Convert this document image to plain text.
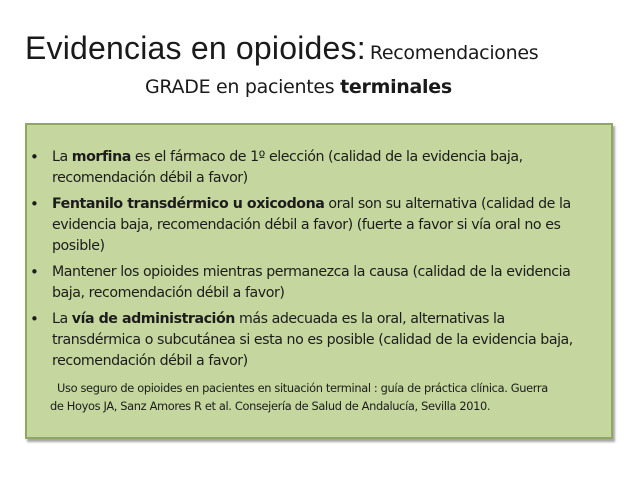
Evidencias en opioides: Recomendaciones
GRADE en pacientes terminales
• La morfina es el fármaco de 1º elección (calidad de la evidencia baja, recomendación débil a favor)
• Fentanilo transdérmico u oxicodona oral son su alternativa (calidad de la evidencia baja, recomendación débil a favor) (fuerte a favor si vía oral no es posible)
• Mantener los opioides mientras permanezca la causa (calidad de la evidencia baja, recomendación débil a favor)
• La vía de administración más adecuada es la oral, alternativas la transdérmica o subcutánea si esta no es posible (calidad de la evidencia baja, recomendación débil a favor)
Uso seguro de opioides en pacientes en situación terminal : guía de práctica clínica. Guerra
de Hoyos JA, Sanz Amores R et al. Consejería de Salud de Andalucía, Sevilla 2010.
